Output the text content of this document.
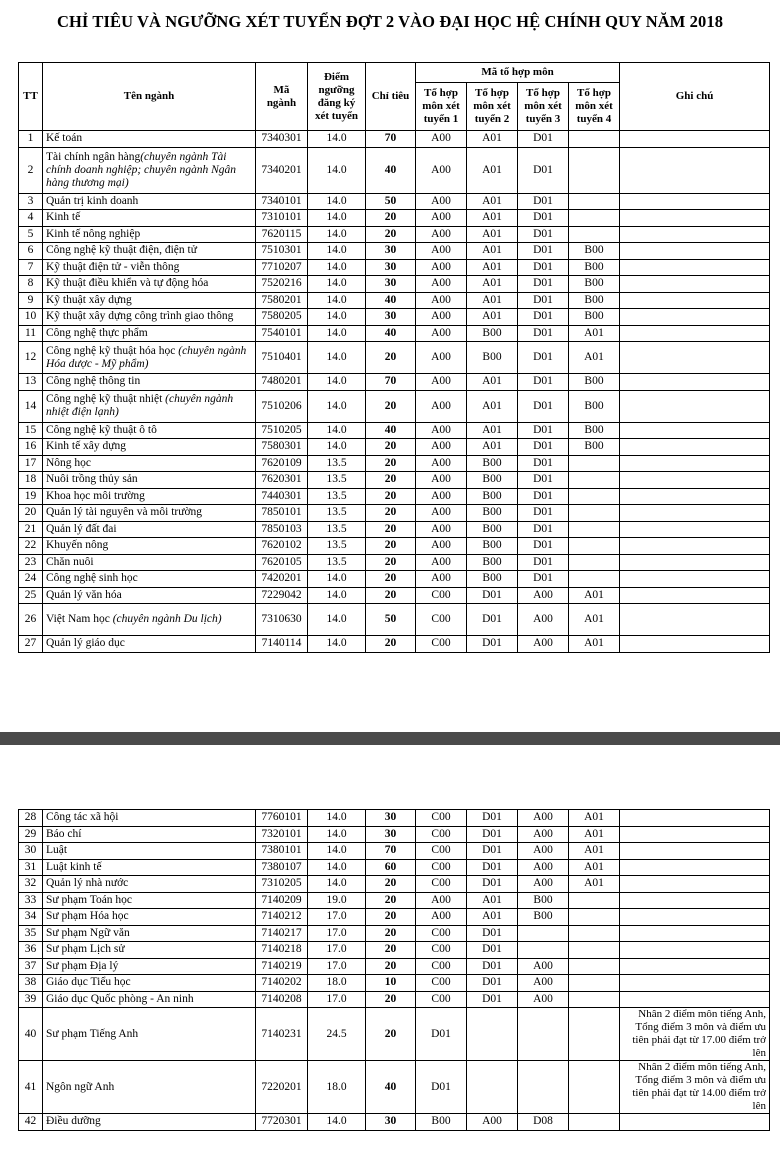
CHỈ TIÊU VÀ NGƯỠNG XÉT TUYỂN ĐỢT 2 VÀO ĐẠI HỌC HỆ CHÍNH QUY NĂM 2018
TT	Tên ngành	Mã ngành	Điểm ngưỡng đăng ký xét tuyển	Chỉ tiêu	Mã tổ hợp môn				Ghi chú
					Tổ hợp môn xét tuyển 1	Tổ hợp môn xét tuyển 2	Tổ hợp môn xét tuyển 3	Tổ hợp môn xét tuyển 4	
1	Kế toán	7340301	14.0	70	A00	A01	D01		
2	Tài chính ngân hàng(chuyên ngành Tài chính doanh nghiệp; chuyên ngành Ngân hàng thương mại)	7340201	14.0	40	A00	A01	D01		
3	Quản trị kinh doanh	7340101	14.0	50	A00	A01	D01		
4	Kinh tế	7310101	14.0	20	A00	A01	D01		
5	Kinh tế nông nghiệp	7620115	14.0	20	A00	A01	D01		
6	Công nghệ kỹ thuật điện, điện tử	7510301	14.0	30	A00	A01	D01	B00	
7	Kỹ thuật điện tử - viễn thông	7710207	14.0	30	A00	A01	D01	B00	
8	Kỹ thuật điều khiển và tự động hóa	7520216	14.0	30	A00	A01	D01	B00	
9	Kỹ thuật xây dựng	7580201	14.0	40	A00	A01	D01	B00	
10	Kỹ thuật xây dựng công trình giao thông	7580205	14.0	30	A00	A01	D01	B00	
11	Công nghệ thực phẩm	7540101	14.0	40	A00	B00	D01	A01	
12	Công nghệ kỹ thuật hóa học (chuyên ngành Hóa dược - Mỹ phẩm)	7510401	14.0	20	A00	B00	D01	A01	
13	Công nghệ thông tin	7480201	14.0	70	A00	A01	D01	B00	
14	Công nghệ kỹ thuật nhiệt (chuyên ngành nhiệt điện lạnh)	7510206	14.0	20	A00	A01	D01	B00	
15	Công nghệ kỹ thuật ô tô	7510205	14.0	40	A00	A01	D01	B00	
16	Kinh tế xây dựng	7580301	14.0	20	A00	A01	D01	B00	
17	Nông học	7620109	13.5	20	A00	B00	D01		
18	Nuôi trồng thủy sản	7620301	13.5	20	A00	B00	D01		
19	Khoa học môi trường	7440301	13.5	20	A00	B00	D01		
20	Quản lý tài nguyên và môi trường	7850101	13.5	20	A00	B00	D01		
21	Quản lý đất đai	7850103	13.5	20	A00	B00	D01		
22	Khuyến nông	7620102	13.5	20	A00	B00	D01		
23	Chăn nuôi	7620105	13.5	20	A00	B00	D01		
24	Công nghệ sinh học	7420201	14.0	20	A00	B00	D01		
25	Quản lý văn hóa	7229042	14.0	20	C00	D01	A00	A01	
26	Việt Nam học (chuyên ngành Du lịch)	7310630	14.0	50	C00	D01	A00	A01	
27	Quản lý giáo dục	7140114	14.0	20	C00	D01	A00	A01	
28	Công tác xã hội	7760101	14.0	30	C00	D01	A00	A01	
29	Báo chí	7320101	14.0	30	C00	D01	A00	A01	
30	Luật	7380101	14.0	70	C00	D01	A00	A01	
31	Luật kinh tế	7380107	14.0	60	C00	D01	A00	A01	
32	Quản lý nhà nước	7310205	14.0	20	C00	D01	A00	A01	
33	Sư phạm Toán học	7140209	19.0	20	A00	A01	B00		
34	Sư phạm Hóa học	7140212	17.0	20	A00	A01	B00		
35	Sư phạm Ngữ văn	7140217	17.0	20	C00	D01			
36	Sư phạm Lịch sử	7140218	17.0	20	C00	D01			
37	Sư phạm Địa lý	7140219	17.0	20	C00	D01	A00		
38	Giáo dục Tiểu học	7140202	18.0	10	C00	D01	A00		
39	Giáo dục Quốc phòng - An ninh	7140208	17.0	20	C00	D01	A00		
40	Sư phạm Tiếng Anh	7140231	24.5	20	D01				Nhân 2 điểm môn tiếng Anh, Tổng điểm 3 môn và điểm ưu tiên phải đạt từ 17.00 điểm trở lên
41	Ngôn ngữ Anh	7220201	18.0	40	D01				Nhân 2 điểm môn tiếng Anh, Tổng điểm 3 môn và điểm ưu tiên phải đạt từ 14.00 điểm trở lên
42	Điều dưỡng	7720301	14.0	30	B00	A00	D08		
